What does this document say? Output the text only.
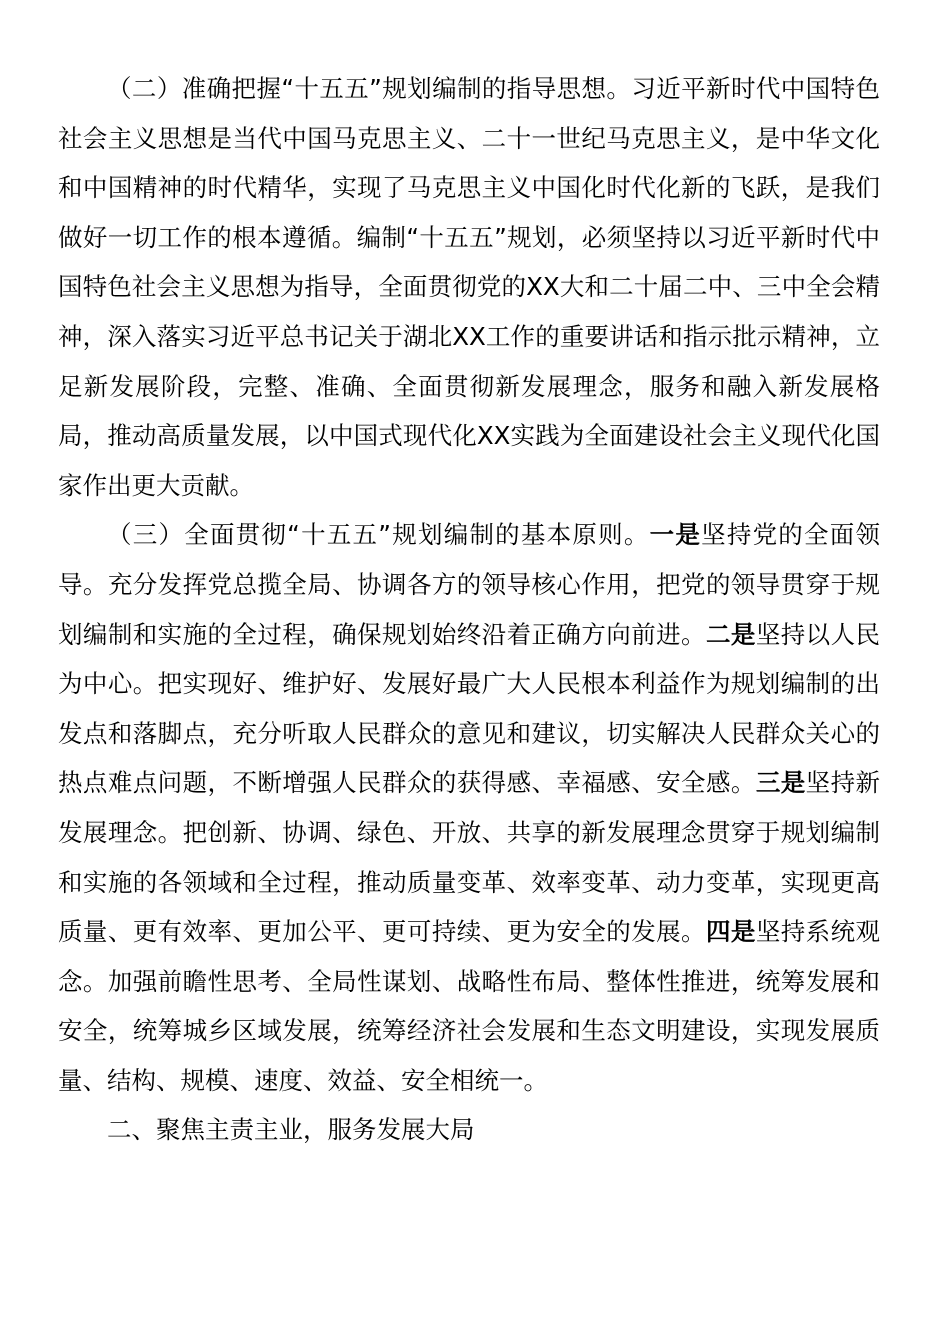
（二）准确把握“十五五”规划编制的指导思想。习近平新时代中国特色社会主义思想是当代中国马克思主义、二十一世纪马克思主义，是中华文化和中国精神的时代精华，实现了马克思主义中国化时代化新的飞跃，是我们做好一切工作的根本遵循。编制“十五五”规划，必须坚持以习近平新时代中国特色社会主义思想为指导，全面贯彻党的XX大和二十届二中、三中全会精神，深入落实习近平总书记关于湖北XX工作的重要讲话和指示批示精神，立足新发展阶段，完整、准确、全面贯彻新发展理念，服务和融入新发展格局，推动高质量发展，以中国式现代化XX实践为全面建设社会主义现代化国家作出更大贡献。

（三）全面贯彻“十五五”规划编制的基本原则。一是坚持党的全面领导。充分发挥党总揽全局、协调各方的领导核心作用，把党的领导贯穿于规划编制和实施的全过程，确保规划始终沿着正确方向前进。二是坚持以人民为中心。把实现好、维护好、发展好最广大人民根本利益作为规划编制的出发点和落脚点，充分听取人民群众的意见和建议，切实解决人民群众关心的热点难点问题，不断增强人民群众的获得感、幸福感、安全感。三是坚持新发展理念。把创新、协调、绿色、开放、共享的新发展理念贯穿于规划编制和实施的各领域和全过程，推动质量变革、效率变革、动力变革，实现更高质量、更有效率、更加公平、更可持续、更为安全的发展。四是坚持系统观念。加强前瞻性思考、全局性谋划、战略性布局、整体性推进，统筹发展和安全，统筹城乡区域发展，统筹经济社会发展和生态文明建设，实现发展质量、结构、规模、速度、效益、安全相统一。

二、聚焦主责主业，服务发展大局
